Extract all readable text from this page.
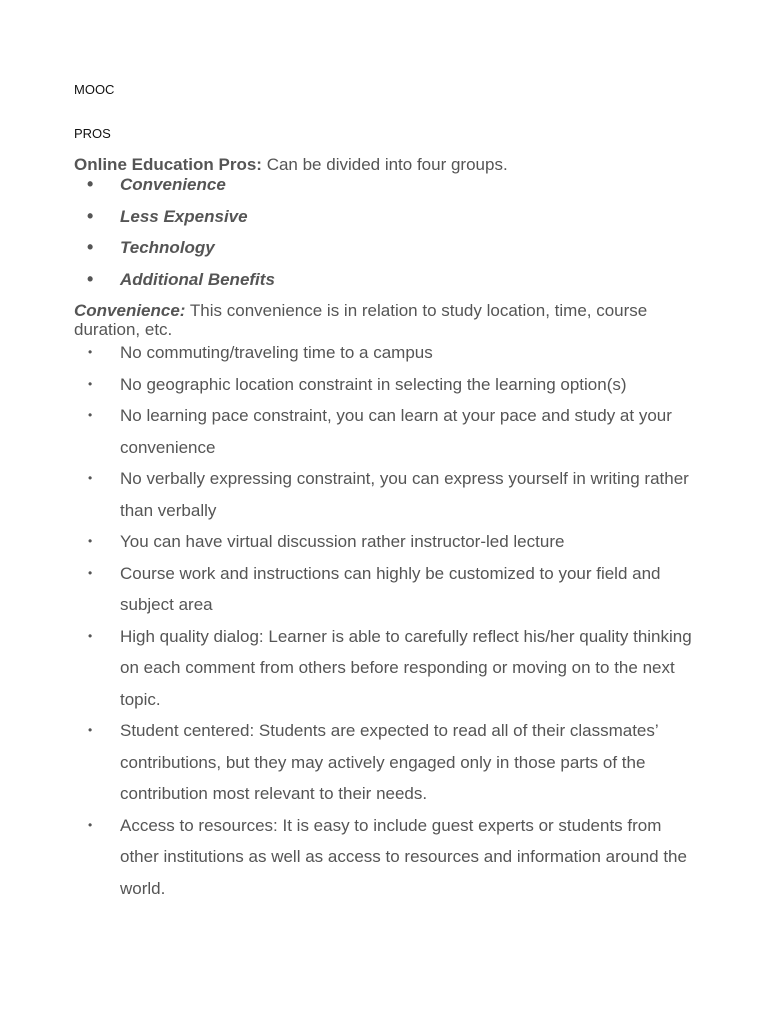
MOOC

PROS

Online Education Pros: Can be divided into four groups.

• Convenience
• Less Expensive
• Technology
• Additional Benefits

Convenience: This convenience is in relation to study location, time, course duration, etc.

• No commuting/traveling time to a campus
• No geographic location constraint in selecting the learning option(s)
• No learning pace constraint, you can learn at your pace and study at your convenience
• No verbally expressing constraint, you can express yourself in writing rather than verbally
• You can have virtual discussion rather instructor-led lecture
• Course work and instructions can highly be customized to your field and subject area
• High quality dialog: Learner is able to carefully reflect his/her quality thinking on each comment from others before responding or moving on to the next topic.
• Student centered: Students are expected to read all of their classmates’ contributions, but they may actively engaged only in those parts of the contribution most relevant to their needs.
• Access to resources: It is easy to include guest experts or students from other institutions as well as access to resources and information around the world.
